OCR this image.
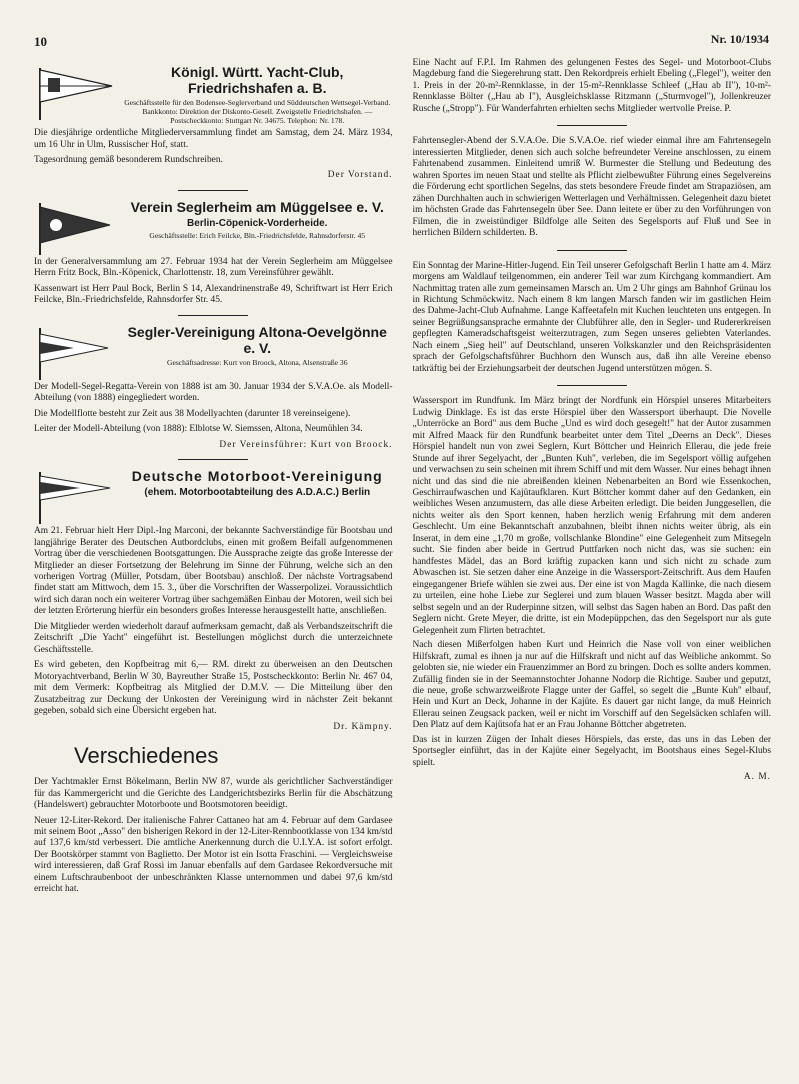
10	Nr. 10/1934

Königl. Württ. Yacht-Club, Friedrichshafen a. B.

Geschäftsstelle für den Bodensee-Seglerverband und Süddeutschen Wettsegel-Verband. Bankkonto: Direktion der Diskonto-Gesell. Zweigstelle Friedrichshafen. — Postscheckkonto: Stuttgart Nr. 34675. Telephon: Nr. 178.

Die diesjährige ordentliche Mitgliederversammlung findet am Samstag, dem 24. März 1934, um 16 Uhr in Ulm, Russischer Hof, statt.

Tagesordnung gemäß besonderem Rundschreiben.

Der Vorstand.

Verein Seglerheim am Müggelsee e. V.

Berlin-Cöpenick-Vorderheide.

Geschäftsstelle: Erich Feilcke, Bln.-Friedrichsfelde, Rahnsdorferstr. 45

In der Generalversammlung am 27. Februar 1934 hat der Verein Seglerheim am Müggelsee Herrn Fritz Bock, Bln.-Köpenick, Charlottenstr. 18, zum Vereinsführer gewählt.

Kassenwart ist Herr Paul Bock, Berlin S 14, Alexandrinenstraße 49, Schriftwart ist Herr Erich Feilcke, Bln.-Friedrichsfelde, Rahnsdorfer Str. 45.

Segler-Vereinigung Altona-Oevelgönne e. V.

Geschäftsadresse: Kurt von Broock, Altona, Alsenstraße 36

Der Modell-Segel-Regatta-Verein von 1888 ist am 30. Januar 1934 der S.V.A.Oe. als Modell-Abteilung (von 1888) eingegliedert worden.

Die Modellflotte besteht zur Zeit aus 38 Modellyachten (darunter 18 vereinseigene).

Leiter der Modell-Abteilung (von 1888): Elblotse W. Siemssen, Altona, Neumühlen 34.

Der Vereinsführer: Kurt von Broock.

Deutsche Motorboot-Vereinigung

(ehem. Motorbootabteilung des A.D.A.C.) Berlin

Am 21. Februar hielt Herr Dipl.-Ing Marconi, der bekannte Sachverständige für Bootsbau und langjährige Berater des Deutschen Autbordclubs, einen mit großem Beifall aufgenommenen Vortrag über die verschiedenen Bootsgattungen. Die Aussprache zeigte das große Interesse der Mitglieder an dieser Fortsetzung der Belehrung im Sinne der Führung, welche sich an den vorherigen Vortrag (Müller, Potsdam, über Bootsbau) anschloß. Der nächste Vortragsabend findet statt am Mittwoch, dem 15. 3., über die Vorschriften der Wasserpolizei. Voraussichtlich wird sich daran noch ein weiterer Vortrag über sachgemäßen Einbau der Motoren, weil sich bei der letzten Erörterung hierfür ein besonders großes Interesse herausgestellt hatte, anschließen.

Die Mitglieder werden wiederholt darauf aufmerksam gemacht, daß als Verbandszeitschrift die Zeitschrift „Die Yacht" eingeführt ist. Bestellungen möglichst durch die unterzeichnete Geschäftsstelle.

Es wird gebeten, den Kopfbeitrag mit 6,— RM. direkt zu überweisen an den Deutschen Motoryachtverband, Berlin W 30, Bayreuther Straße 15, Postscheckkonto: Berlin Nr. 467 04, mit dem Vermerk: Kopfbeitrag als Mitglied der D.M.V. — Die Mitteilung über den Zusatzbeitrag zur Deckung der Unkosten der Vereinigung wird in nächster Zeit bekannt gegeben, sobald sich eine Übersicht ergeben hat.

Dr. Kämpny.

Verschiedenes

Der Yachtmakler Ernst Bökelmann, Berlin NW 87, wurde als gerichtlicher Sachverständiger für das Kammergericht und die Gerichte des Landgerichtsbezirks Berlin für die Abschätzung (Handelswert) gebrauchter Motorboote und Bootsmotoren beeidigt.

Neuer 12-Liter-Rekord. Der italienische Fahrer Cattaneo hat am 4. Februar auf dem Gardasee mit seinem Boot „Asso" den bisherigen Rekord in der 12-Liter-Rennbootklasse von 134 km/std auf 137,6 km/std verbessert. Die amtliche Anerkennung durch die U.I.Y.A. ist sofort erfolgt. Der Bootskörper stammt von Baglietto. Der Motor ist ein Isotta Fraschini. — Vergleichsweise wird interessieren, daß Graf Rossi im Januar ebenfalls auf dem Gardasee Rekordversuche mit einem Luftschraubenboot der unbeschränkten Klasse unternommen und dabei 97,6 km/std erreicht hat.

Eine Nacht auf F.P.I. Im Rahmen des gelungenen Festes des Segel- und Motorboot-Clubs Magdeburg fand die Siegerehrung statt. Den Rekordpreis erhielt Ebeling („Flegel"), weiter den 1. Preis in der 20-m²-Rennklasse, in der 15-m²-Rennklasse Schleef („Hau ab II"), 10-m²-Rennklasse Bölter („Hau ab I"), Ausgleichsklasse Ritzmann („Sturmvogel"), Jollenkreuzer Rusche („Stropp"). Für Wanderfahrten erhielten sechs Mitglieder wertvolle Preise. P.

Fahrtensegler-Abend der S.V.A.Oe. Die S.V.A.Oe. rief wieder einmal ihre am Fahrtensegeln interessierten Mitglieder, denen sich auch solche befreundeter Vereine anschlossen, zu einem Fahrtenabend zusammen. Einleitend umriß W. Burmester die Stellung und Bedeutung des wahren Sportes im neuen Staat und stellte als Pflicht zielbewußter Führung eines Segelvereins die Förderung echt sportlichen Segelns, das stets besondere Freude findet am Strapaziösen, am zähen Durchhalten auch in schwierigen Wetterlagen und Verhältnissen. Gelegenheit dazu bietet im höchsten Grade das Fahrtensegeln über See. Dann leitete er über zu den Vorführungen von Filmen, die in zweistündiger Bildfolge alle Seiten des Segelsports auf Fluß und See in herrlichen Bildern schilderten. B.

Ein Sonntag der Marine-Hitler-Jugend. Ein Teil unserer Gefolgschaft Berlin 1 hatte am 4. März morgens am Waldlauf teilgenommen, ein anderer Teil war zum Kirchgang kommandiert. Am Nachmittag traten alle zum gemeinsamen Marsch an. Um 2 Uhr gings am Bahnhof Grünau los in Richtung Schmöckwitz. Nach einem 8 km langen Marsch fanden wir im gastlichen Heim des Dahme-Jacht-Club Aufnahme. Lange Kaffeetafeln mit Kuchen leuchteten uns entgegen. In seiner Begrüßungsansprache ermahnte der Clubführer alle, den in Segler- und Rudererkreisen gepflegten Kameradschaftsgeist weiterzutragen, zum Segen unseres geliebten Vaterlandes. Nach einem „Sieg heil" auf Deutschland, unseren Volkskanzler und den Reichspräsidenten sprach der Gefolgschaftsführer Buchhorn den Wunsch aus, daß ihn alle Vereine ebenso tatkräftig bei der Erziehungsarbeit der deutschen Jugend unterstützen mögen. S.

Wassersport im Rundfunk. Im März bringt der Nordfunk ein Hörspiel unseres Mitarbeiters Ludwig Dinklage. Es ist das erste Hörspiel über den Wassersport überhaupt. Die Novelle „Unterröcke an Bord" aus dem Buche „Und es wird doch gesegelt!" hat der Autor zusammen mit Alfred Maack für den Rundfunk bearbeitet unter dem Titel „Deerns an Deck". Dieses Hörspiel handelt nun von zwei Seglern, Kurt Böttcher und Heinrich Ellerau, die jede freie Stunde auf ihrer Segelyacht, der „Bunten Kuh", verleben, die im Segelsport völlig aufgehen und verwachsen zu sein scheinen mit ihrem Schiff und mit dem Wasser. Nur eines behagt ihnen nicht und das sind die nie abreißenden kleinen Nebenarbeiten an Bord wie Essenkochen, Geschirraufwaschen und Kajütaufklaren. Kurt Böttcher kommt daher auf den Gedanken, ein weibliches Wesen anzumustern, das alle diese Arbeiten erledigt. Die beiden Junggesellen, die nichts weiter als den Sport kennen, haben herzlich wenig Erfahrung mit dem anderen Geschlecht. Um eine Bekanntschaft anzubahnen, bleibt ihnen nichts weiter übrig, als ein Inserat, in dem eine „1,70 m große, vollschlanke Blondine" eine Gelegenheit zum Mitsegeln sucht. Sie finden aber beide in Gertrud Puttfarken noch nicht das, was sie suchen: ein handfestes Mädel, das an Bord kräftig zupacken kann und sich nicht zu schade zum Abwaschen ist. Sie setzen daher eine Anzeige in die Wassersport-Zeitschrift. Aus dem Haufen eingegangener Briefe wählen sie zwei aus. Der eine ist von Magda Kallinke, die nach diesem zu urteilen, eine hohe Liebe zur Seglerei und zum blauen Wasser besitzt. Magda aber will selbst segeln und an der Ruderpinne sitzen, will selbst das Sagen haben an Bord. Das paßt den Seglern nicht. Grete Meyer, die dritte, ist ein Modepüppchen, das den Segelsport nur als gute Gelegenheit zum Flirten betrachtet.

Nach diesen Mißerfolgen haben Kurt und Heinrich die Nase voll von einer weiblichen Hilfskraft, zumal es ihnen ja nur auf die Hilfskraft und nicht auf das Weibliche ankommt. So gelobten sie, nie wieder ein Frauenzimmer an Bord zu bringen. Doch es sollte anders kommen. Zufällig finden sie in der Seemannstochter Johanne Nodorp die Richtige. Sauber und geputzt, die neue, große schwarzweißrote Flagge unter der Gaffel, so segelt die „Bunte Kuh" elbauf, Hein und Kurt an Deck, Johanne in der Kajüte. Es dauert gar nicht lange, da muß Heinrich Ellerau seinen Zeugsack packen, weil er nicht im Vorschiff auf den Segelsäcken schlafen will. Den Platz auf dem Kajütsofa hat er an Frau Johanne Böttcher abgetreten.

Das ist in kurzen Zügen der Inhalt dieses Hörspiels, das erste, das uns in das Leben der Sportsegler einführt, das in der Kajüte einer Segelyacht, im Bootshaus eines Segel-Klubs spielt.

A. M.
